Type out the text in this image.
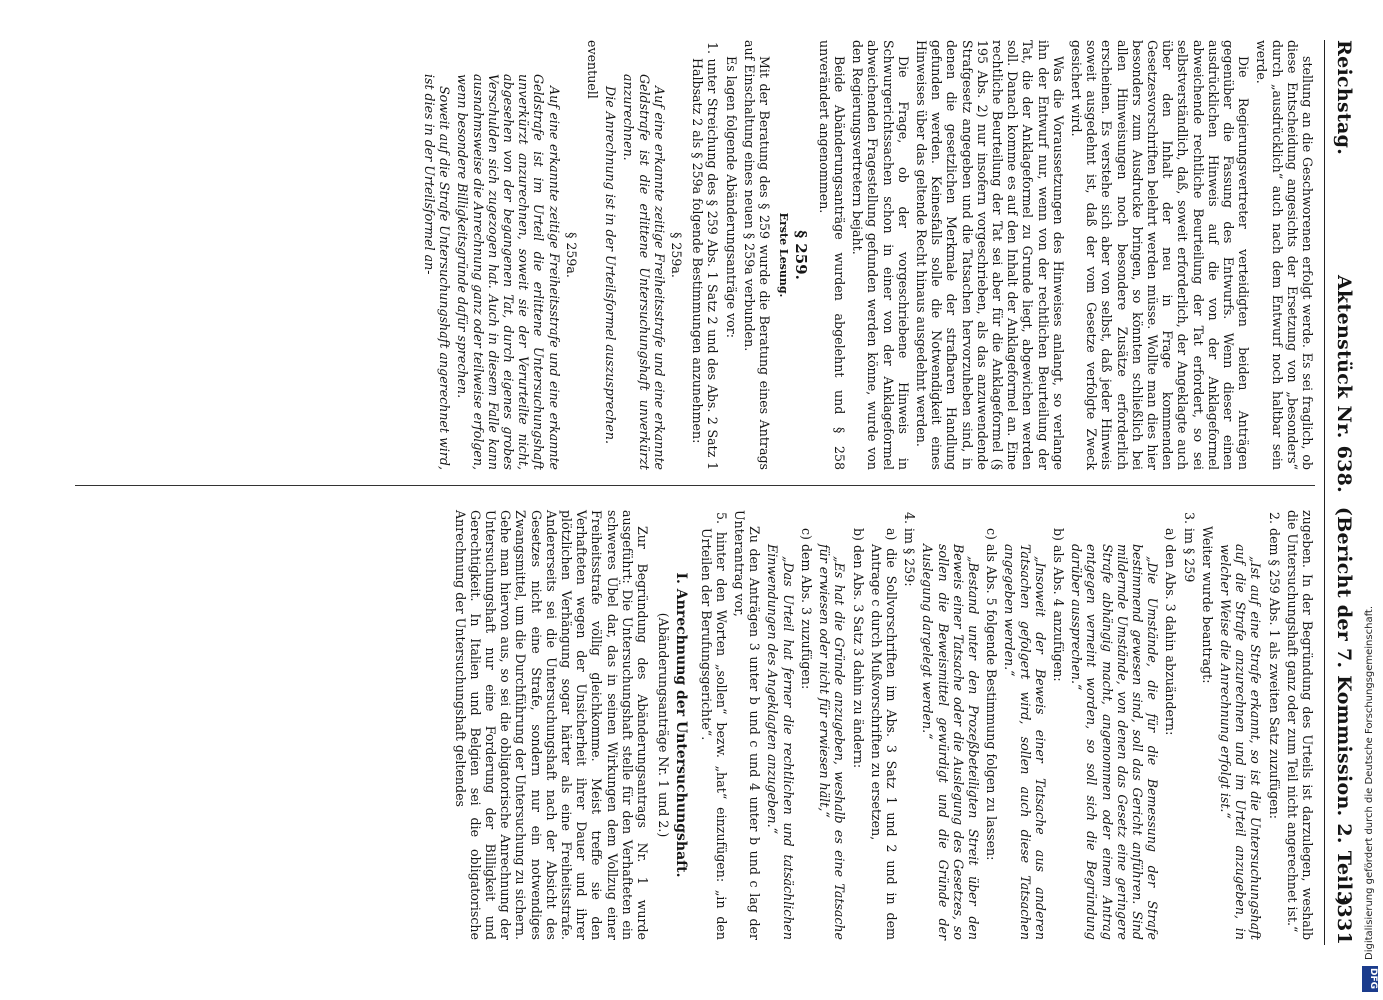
Reichstag.
Aktenstück Nr. 638.  (Bericht der 7. Kommission. 2. Teil.)
3331

stellung an die Geschworenen erfolgt werde. Es sei fraglich, ob diese Entscheidung angesichts der Ersetzung von „besonders“ durch „ausdrücklich“ auch nach dem Entwurf noch haltbar sein werde.

Die Regierungsvertreter verteidigten beiden Anträgen gegenüber die Fassung des Entwurfs. Wenn dieser einen ausdrücklichen Hinweis auf die von der Anklageformel abweichende rechtliche Beurteilung der Tat erfordert, so sei selbstverständlich, daß, soweit erforderlich, der Angeklagte auch über den Inhalt der neu in Frage kommenden Gesetzesvorschriften belehrt werden müsse. Wollte man dies hier besonders zum Ausdrucke bringen, so könnten schließlich bei allen Hinweisungen noch besondere Zusätze erforderlich erscheinen. Es verstehe sich aber von selbst, daß jeder Hinweis soweit ausgedehnt ist, daß der vom Gesetze verfolgte Zweck gesichert wird.

Was die Voraussetzungen des Hinweises anlangt, so verlange ihn der Entwurf nur, wenn von der rechtlichen Beurteilung der Tat, die der Anklageformel zu Grunde liegt, abgewichen werden soll. Danach komme es auf den Inhalt der Anklageformel an. Eine rechtliche Beurteilung der Tat sei aber für die Anklageformel (§ 195 Abs. 2) nur insofern vorgeschrieben, als das anzuwendende Strafgesetz angegeben und die Tatsachen hervorzuheben sind, in denen die gesetzlichen Merkmale der strafbaren Handlung gefunden werden. Keinesfalls solle die Notwendigkeit eines Hinweises über das geltende Recht hinaus ausgedehnt werden.

Die Frage, ob der vorgeschriebene Hinweis in Schwurgerichtssachen schon in einer von der Anklageformel abweichenden Fragestellung gefunden werden könne, wurde von den Regierungsvertretern bejaht.

Beide Abänderungsanträge wurden abgelehnt und § 258 unverändert angenommen.

§ 259.

Erste Lesung.

Mit der Beratung des § 259 wurde die Beratung eines Antrags auf Einschaltung eines neuen § 259a verbunden.

Es lagen folgende Abänderungsanträge vor:

1. unter Streichung des § 259 Abs. 1 Satz 2 und des Abs. 2 Satz 1 Halbsatz 2 als § 259a folgende Bestimmungen anzunehmen:

§ 259a.

Auf eine erkannte zeitige Freiheitsstrafe und eine erkannte Geldstrafe ist die erlittene Untersuchungshaft unverkürzt anzurechnen.

Die Anrechnung ist in der Urteilsformel auszusprechen.

eventuell

§ 259a.

Auf eine erkannte zeitige Freiheitsstrafe und eine erkannte Geldstrafe ist im Urteil die erlittene Untersuchungshaft unverkürzt anzurechnen, soweit sie der Verurteilte nicht, abgesehen von der begangenen Tat, durch eigenes grobes Verschulden sich zugezogen hat. Auch in diesem Falle kann ausnahmsweise die Anrechnung ganz oder teilweise erfolgen, wenn besondere Billigkeitsgründe dafür sprechen.

Soweit auf die Strafe Untersuchungshaft angerechnet wird, ist dies in der Urteilsformel an-

zugeben. In der Begründung des Urteils ist darzulegen, weshalb die Untersuchungshaft ganz oder zum Teil nicht angerechnet ist.“

2. dem § 259 Abs. 1 als zweiten Satz zuzufügen:

„Ist auf eine Strafe erkannt, so ist die Untersuchungshaft auf die Strafe anzurechnen und im Urteil anzugeben, in welcher Weise die Anrechnung erfolgt ist.“

Weiter wurde beantragt:

3. im § 259

a) den Abs. 3 dahin abzuändern:

„Die Umstände, die für die Bemessung der Strafe bestimmend gewesen sind, soll das Gericht anführen. Sind mildernde Umstände, von denen das Gesetz eine geringere Strafe abhängig macht, angenommen oder einem Antrag entgegen verneint worden, so soll sich die Begründung darüber aussprechen.“

b) als Abs. 4 anzufügen:

„Insoweit der Beweis einer Tatsache aus anderen Tatsachen gefolgert wird, sollen auch diese Tatsachen angegeben werden.“

c) als Abs. 5 folgende Bestimmung folgen zu lassen:

„Bestand unter den Prozeßbeteiligten Streit über den Beweis einer Tatsache oder die Auslegung des Gesetzes, so sollen die Beweismittel gewürdigt und die Gründe der Auslegung dargelegt werden.“

4. im § 259:

a) die Sollvorschriften im Abs. 3 Satz 1 und 2 und in dem Antrage c durch Mußvorschriften zu ersetzen,

b) den Abs. 3 Satz 3 dahin zu ändern:

„Es hat die Gründe anzugeben, weshalb es eine Tatsache für erwiesen oder nicht für erwiesen hält,“

c) dem Abs. 3 zuzufügen:

„Das Urteil hat ferner die rechtlichen und tatsächlichen Einwendungen des Angeklagten anzugeben.“

Zu den Anträgen 3 unter b und c und 4 unter b und c lag der Unterantrag vor,

5. hinter den Worten „sollen“ bezw. „hat“ einzufügen: „in den Urteilen der Berufungsgerichte“.

I. Anrechnung der Untersuchungshaft.

(Abänderungsanträge Nr. 1 und 2.)

Zur Begründung des Abänderungsantrags Nr. 1 wurde ausgeführt: Die Untersuchungshaft stelle für den Verhafteten ein schweres Übel dar, das in seinen Wirkungen dem Vollzug einer Freiheitsstrafe völlig gleichkomme. Meist treffe sie den Verhafteten wegen der Unsicherheit ihrer Dauer und ihrer plötzlichen Verhängung sogar härter als eine Freiheitsstrafe. Andererseits sei die Untersuchungshaft nach der Absicht des Gesetzes nicht eine Strafe, sondern nur ein notwendiges Zwangsmittel, um die Durchführung der Untersuchung zu sichern. Gehe man hiervon aus, so sei die obligatorische Anrechnung der Untersuchungshaft nur eine Forderung der Billigkeit und Gerechtigkeit. In Italien und Belgien sei die obligatorische Anrechnung der Untersuchungshaft geltendes	Digitalisierung gefördert durch die Deutsche Forschungsgemeinschaft.
DFG
